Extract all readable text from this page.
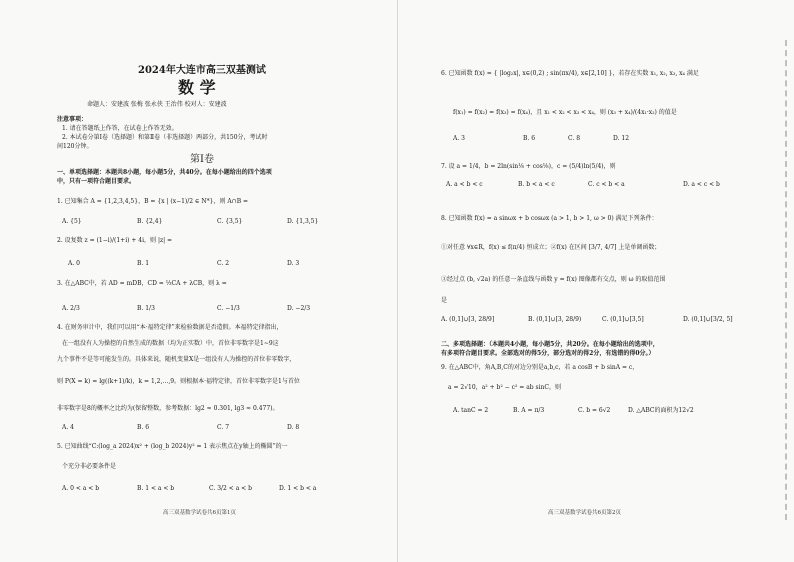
2024年大连市高三双基测试
数 学
命题人：安建波 张梅 张永侠 王治伟 校对人：安建波
注意事项：
1. 请在答题纸上作答，在试卷上作答无效。
2. 本试卷分第Ⅰ卷（选择题）和第Ⅱ卷（非选择题）两部分，共150分，考试时
间120分钟。
第Ⅰ卷
一、单项选择题：本题共8小题，每小题5分，共40分。在每小题给出的四个选项
中，只有一项符合题目要求。
1. 已知集合 A = {1,2,3,4,5}，B = {x | (x−1)/2 ∈ N*}，则 A∩B =
A. {5}	B. {2,4}	C. {3,5}	D. {1,3,5}
2. 设复数 z = (1−i)/(1+i) + 4i，则 |z| =
A. 0	B. 1	C. 2	D. 3
3. 在△ABC中，若 AD = mDB，CD = ⅓CA + λCB，则 λ =
A. 2/3	B. 1/3	C. −1/3	D. −2/3
4. 在财务审计中，我们可以用“本·福特定律”来检验数据是否造假。本福特定律指出，
在一组没有人为操控的自然生成的数据（均为正实数）中，首位非零数字是1~9这
九个事件不是等可能发生的。具体来说，随机变量X是一组没有人为操控的首位非零数字，
则 P(X = k) = lg((k+1)/k)，k = 1,2,…,9。则根据本·福特定律，首位非零数字是1与首位
非零数字是8的概率之比约为(保留整数，参考数据：lg2 ≈ 0.301, lg3 ≈ 0.477)。
A. 4	B. 6	C. 7	D. 8
5. 已知曲线“C:(log_a 2024)x² + (log_b 2024)y² = 1 表示焦点在y轴上的椭圆”的一
个充分非必要条件是
A. 0 < a < b	B. 1 < a < b	C. 3/2 < a < b	D. 1 < b < a
高三双基数学试卷共6页第1页
6. 已知函数 f(x) = { |log₂x|, x∈(0,2) ; sin(πx/4), x∈[2,10] }，若存在实数 x₁, x₂, x₃, x₄ 满足
f(x₁) = f(x₂) = f(x₃) = f(x₄)，且 x₁ < x₂ < x₃ < x₄，则 (x₃ + x₄)/(4x₁·x₂) 的值是
A. 3	B. 6	C. 8	D. 12
7. 设 a = 1/4，b = 2ln(sin⅛ + cos⅛)，c = (5/4)ln(5/4)，则
A. a < b < c	B. b < a < c	C. c < b < a	D. a < c < b
8. 已知函数 f(x) = a sinωx + b cosωx (a > 1, b > 1, ω > 0) 满足下列条件：
①对任意 ∀x∈R，f(x) ≤ f(π/4) 恒成立；②f(x) 在区间 [3/7, 4/7] 上是单调函数；
③经过点 (b, √2a) 的任意一条直线与函数 y = f(x) 图像都有交点，则 ω 的取值范围
是
A. (0,1]∪[3, 28/9]	B. (0,1]∪[3, 28/9)	C. (0,1]∪[3,5]	D. (0,1]∪[3/2, 5]
二、多项选择题：（本题共4小题，每小题5分，共20分。在每小题给出的选项中，
有多项符合题目要求。全部选对的得5分，部分选对的得2分，有选错的得0分。）
9. 在△ABC中，角A,B,C的对边分别是a,b,c，若 a cosB + b sinA = c，
a = 2√10，a² + b² − c² = ab sinC，则
A. tanC = 2	B. A = π/3	C. b = 6√2	D. △ABC的面积为12√2
高三双基数学试卷共6页第2页
